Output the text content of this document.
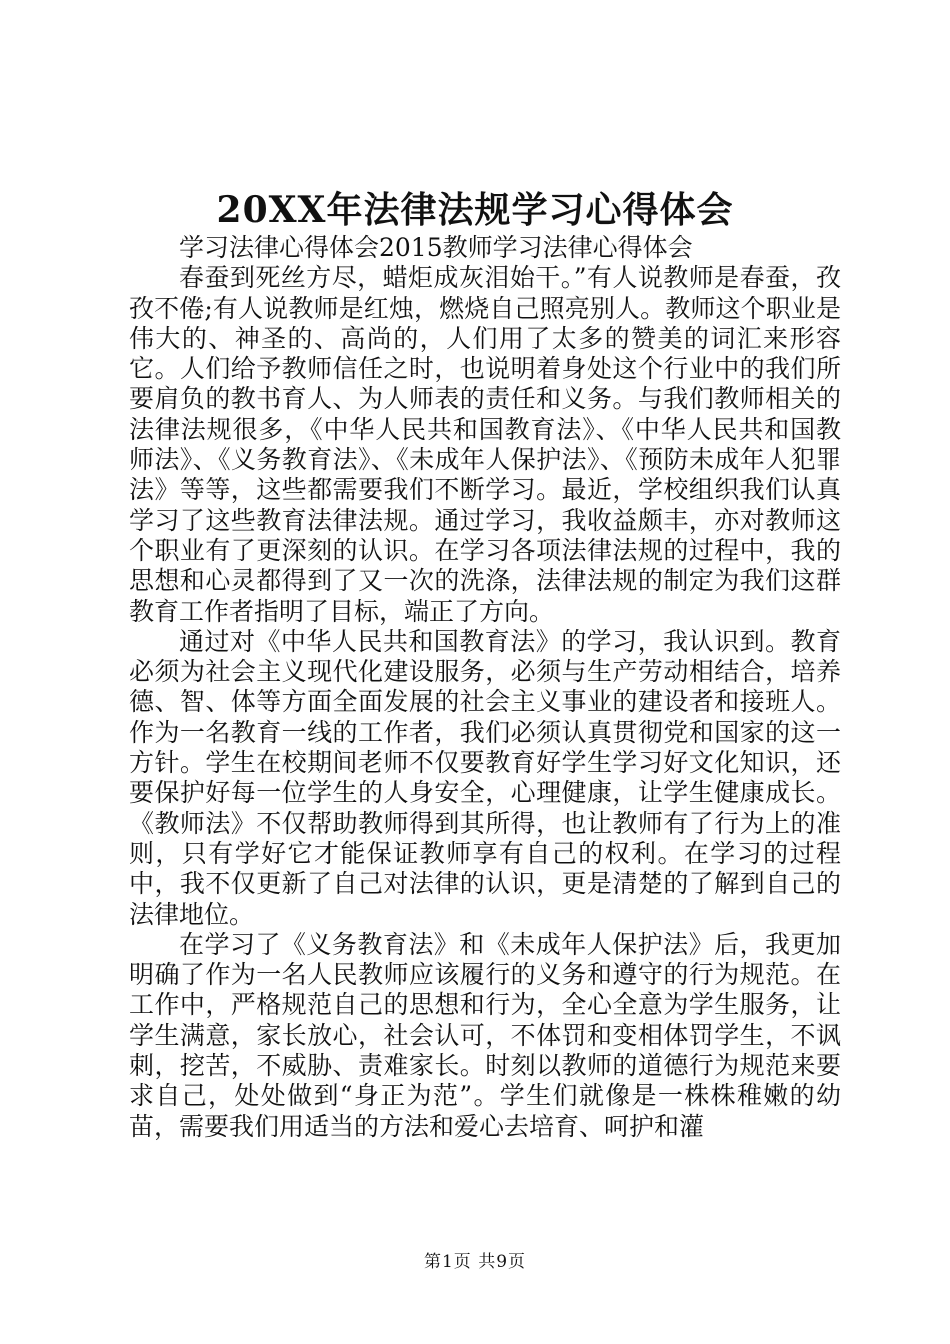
20XX年法律法规学习心得体会

学习法律心得体会2015教师学习法律心得体会

春蚕到死丝方尽，蜡炬成灰泪始干。”有人说教师是春蚕，孜孜不倦;有人说教师是红烛，燃烧自己照亮别人。教师这个职业是伟大的、神圣的、高尚的，人们用了太多的赞美的词汇来形容它。人们给予教师信任之时，也说明着身处这个行业中的我们所要肩负的教书育人、为人师表的责任和义务。与我们教师相关的法律法规很多，《中华人民共和国教育法》、《中华人民共和国教师法》、《义务教育法》、《未成年人保护法》、《预防未成年人犯罪法》等等，这些都需要我们不断学习。最近，学校组织我们认真学习了这些教育法律法规。通过学习，我收益颇丰，亦对教师这个职业有了更深刻的认识。在学习各项法律法规的过程中，我的思想和心灵都得到了又一次的洗涤，法律法规的制定为我们这群教育工作者指明了目标，端正了方向。

通过对《中华人民共和国教育法》的学习，我认识到。教育必须为社会主义现代化建设服务，必须与生产劳动相结合，培养德、智、体等方面全面发展的社会主义事业的建设者和接班人。作为一名教育一线的工作者，我们必须认真贯彻党和国家的这一方针。学生在校期间老师不仅要教育好学生学习好文化知识，还要保护好每一位学生的人身安全，心理健康，让学生健康成长。《教师法》不仅帮助教师得到其所得，也让教师有了行为上的准则，只有学好它才能保证教师享有自己的权利。在学习的过程中，我不仅更新了自己对法律的认识，更是清楚的了解到自己的法律地位。

在学习了《义务教育法》和《未成年人保护法》后，我更加明确了作为一名人民教师应该履行的义务和遵守的行为规范。在工作中，严格规范自己的思想和行为，全心全意为学生服务，让学生满意，家长放心，社会认可，不体罚和变相体罚学生，不讽刺，挖苦，不威胁、责难家长。时刻以教师的道德行为规范来要求自己，处处做到“身正为范”。学生们就像是一株株稚嫩的幼苗，需要我们用适当的方法和爱心去培育、呵护和灌

第1页 共9页
